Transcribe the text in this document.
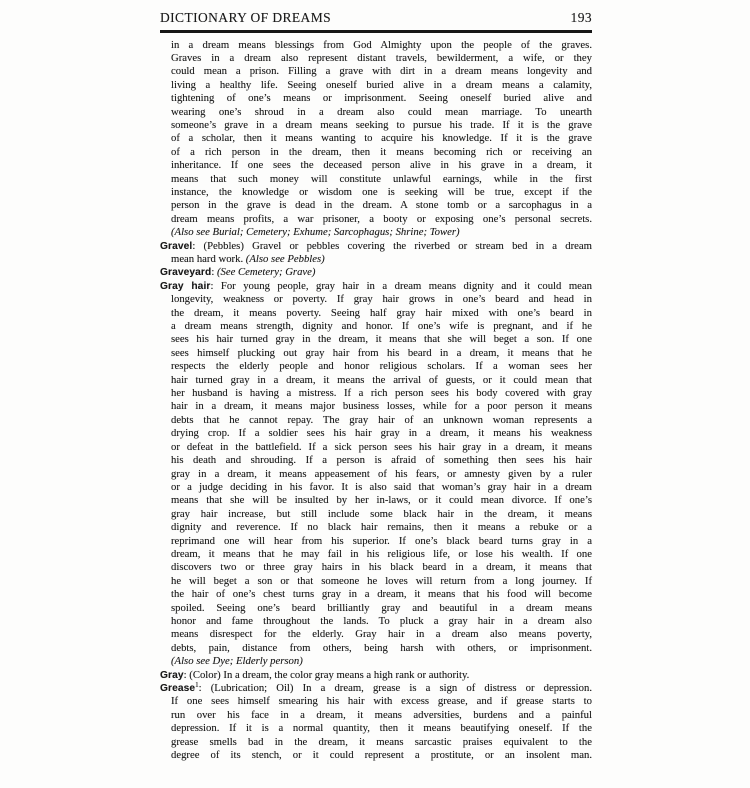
DICTIONARY OF DREAMS	193
in a dream means blessings from God Almighty upon the people of the graves.
Graves in a dream also represent distant travels, bewilderment, a wife, or they
could mean a prison. Filling a grave with dirt in a dream means longevity and
living a healthy life. Seeing oneself buried alive in a dream means a calamity,
tightening of one’s means or imprisonment. Seeing oneself buried alive and
wearing one’s shroud in a dream also could mean marriage. To unearth
someone’s grave in a dream means seeking to pursue his trade. If it is the grave
of a scholar, then it means wanting to acquire his knowledge. If it is the grave
of a rich person in the dream, then it means becoming rich or receiving an
inheritance. If one sees the deceased person alive in his grave in a dream, it
means that such money will constitute unlawful earnings, while in the first
instance, the knowledge or wisdom one is seeking will be true, except if the
person in the grave is dead in the dream. A stone tomb or a sarcophagus in a
dream means profits, a war prisoner, a booty or exposing one’s personal secrets.
(Also see Burial; Cemetery; Exhume; Sarcophagus; Shrine; Tower)
Gravel: (Pebbles) Gravel or pebbles covering the riverbed or stream bed in a dream
mean hard work. (Also see Pebbles)
Graveyard: (See Cemetery; Grave)
Gray hair: For young people, gray hair in a dream means dignity and it could mean
longevity, weakness or poverty. If gray hair grows in one’s beard and head in
the dream, it means poverty. Seeing half gray hair mixed with one’s beard in
a dream means strength, dignity and honor. If one’s wife is pregnant, and if he
sees his hair turned gray in the dream, it means that she will beget a son. If one
sees himself plucking out gray hair from his beard in a dream, it means that he
respects the elderly people and honor religious scholars. If a woman sees her
hair turned gray in a dream, it means the arrival of guests, or it could mean that
her husband is having a mistress. If a rich person sees his body covered with gray
hair in a dream, it means major business losses, while for a poor person it means
debts that he cannot repay. The gray hair of an unknown woman represents a
drying crop. If a soldier sees his hair gray in a dream, it means his weakness
or defeat in the battlefield. If a sick person sees his hair gray in a dream, it means
his death and shrouding. If a person is afraid of something then sees his hair
gray in a dream, it means appeasement of his fears, or amnesty given by a ruler
or a judge deciding in his favor. It is also said that woman’s gray hair in a dream
means that she will be insulted by her in-laws, or it could mean divorce. If one’s
gray hair increase, but still include some black hair in the dream, it means
dignity and reverence. If no black hair remains, then it means a rebuke or a
reprimand one will hear from his superior. If one’s black beard turns gray in a
dream, it means that he may fail in his religious life, or lose his wealth. If one
discovers two or three gray hairs in his black beard in a dream, it means that
he will beget a son or that someone he loves will return from a long journey. If
the hair of one’s chest turns gray in a dream, it means that his food will become
spoiled. Seeing one’s beard brilliantly gray and beautiful in a dream means
honor and fame throughout the lands. To pluck a gray hair in a dream also
means disrespect for the elderly. Gray hair in a dream also means poverty,
debts, pain, distance from others, being harsh with others, or imprisonment.
(Also see Dye; Elderly person)
Gray: (Color) In a dream, the color gray means a high rank or authority.
Grease$^1$: (Lubrication; Oil) In a dream, grease is a sign of distress or depression.
If one sees himself smearing his hair with excess grease, and if grease starts to
run over his face in a dream, it means adversities, burdens and a painful
depression. If it is a normal quantity, then it means beautifying oneself. If the
grease smells bad in the dream, it means sarcastic praises equivalent to the
degree of its stench, or it could represent a prostitute, or an insolent man.
